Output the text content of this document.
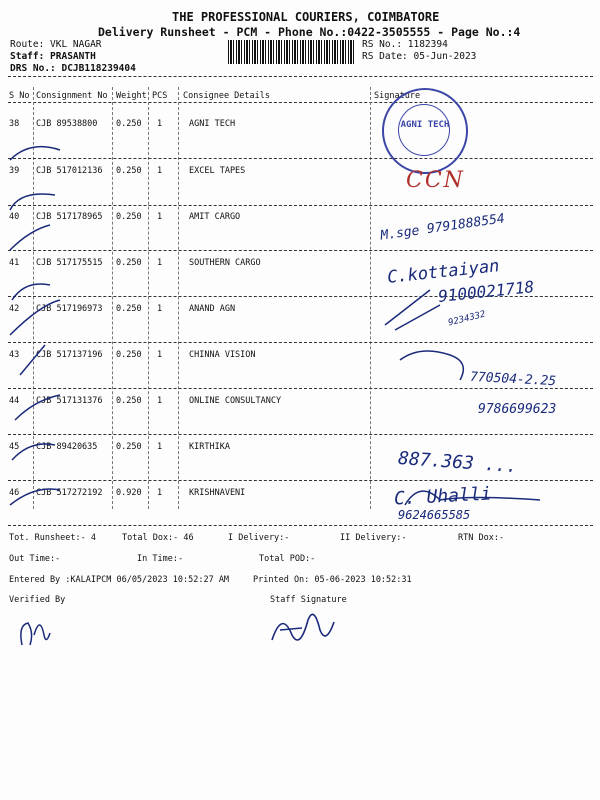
THE PROFESSIONAL COURIERS, COIMBATORE
Delivery Runsheet - PCM - Phone No.:0422-3505555 - Page No.:4
Route: VKL NAGAR
Staff: PRASANTH
DRS No.: DCJB118239404
RS No.: 1182394
RS Date: 05-Jun-2023
S No Consignment No Weight PCS Consignee Details	Signature
38 CJB 89538800 0.250 1	AGNI TECH
39 CJB 517012136 0.250 1	EXCEL TAPES
40 CJB 517178965 0.250 1	AMIT CARGO
41 CJB 517175515 0.250 1	SOUTHERN CARGO
42 CJB 517196973 0.250 1	ANAND AGN
43 CJB 517137196 0.250 1	CHINNA VISION
44 CJB 517131376 0.250 1	ONLINE CONSULTANCY
45 CJB 89420635 0.250 1	KIRTHIKA
46 CJB 517272192 0.920 1	KRISHNAVENI
AGNI TECH
CCN
M.sge 9791888554
C.kottaiyan
9100021718
9234332
770504-2.25
9786699623
887.363 ...
C. Uhalli
9624665585
Tot. Runsheet:- 4	Total Dox:- 46	I Delivery:-	II Delivery:-	RTN Dox:-
Out Time:-	In Time:-	Total POD:-
Entered By :KALAIPCM 06/05/2023 10:52:27 AM	Printed On: 05-06-2023 10:52:31
Verified By	Staff Signature
